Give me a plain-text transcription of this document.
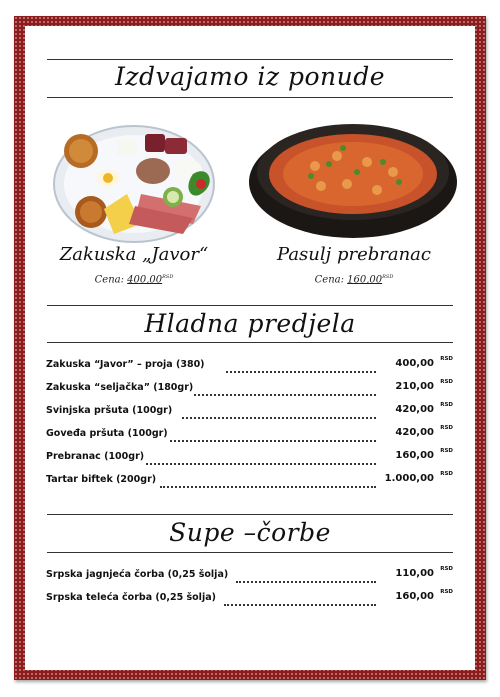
Izdvajamo iz ponude
Zakuska „Javor“
Cena: $400,00^{RSD}$
Pasulj prebranac
Cena: $160,00^{RSD}$
Hladna predjela
Zakuska “Javor” – proja (380)	400,00 RSD
Zakuska “seljačka” (180gr)	210,00 RSD
Svinjska pršuta (100gr)	420,00 RSD
Goveđa pršuta (100gr)	420,00 RSD
Prebranac (100gr)	160,00 RSD
Tartar biftek (200gr)	1.000,00 RSD
Supe –čorbe
Srpska jagnjeća čorba (0,25 šolja)	110,00 RSD
Srpska teleća čorba (0,25 šolja)	160,00 RSD
